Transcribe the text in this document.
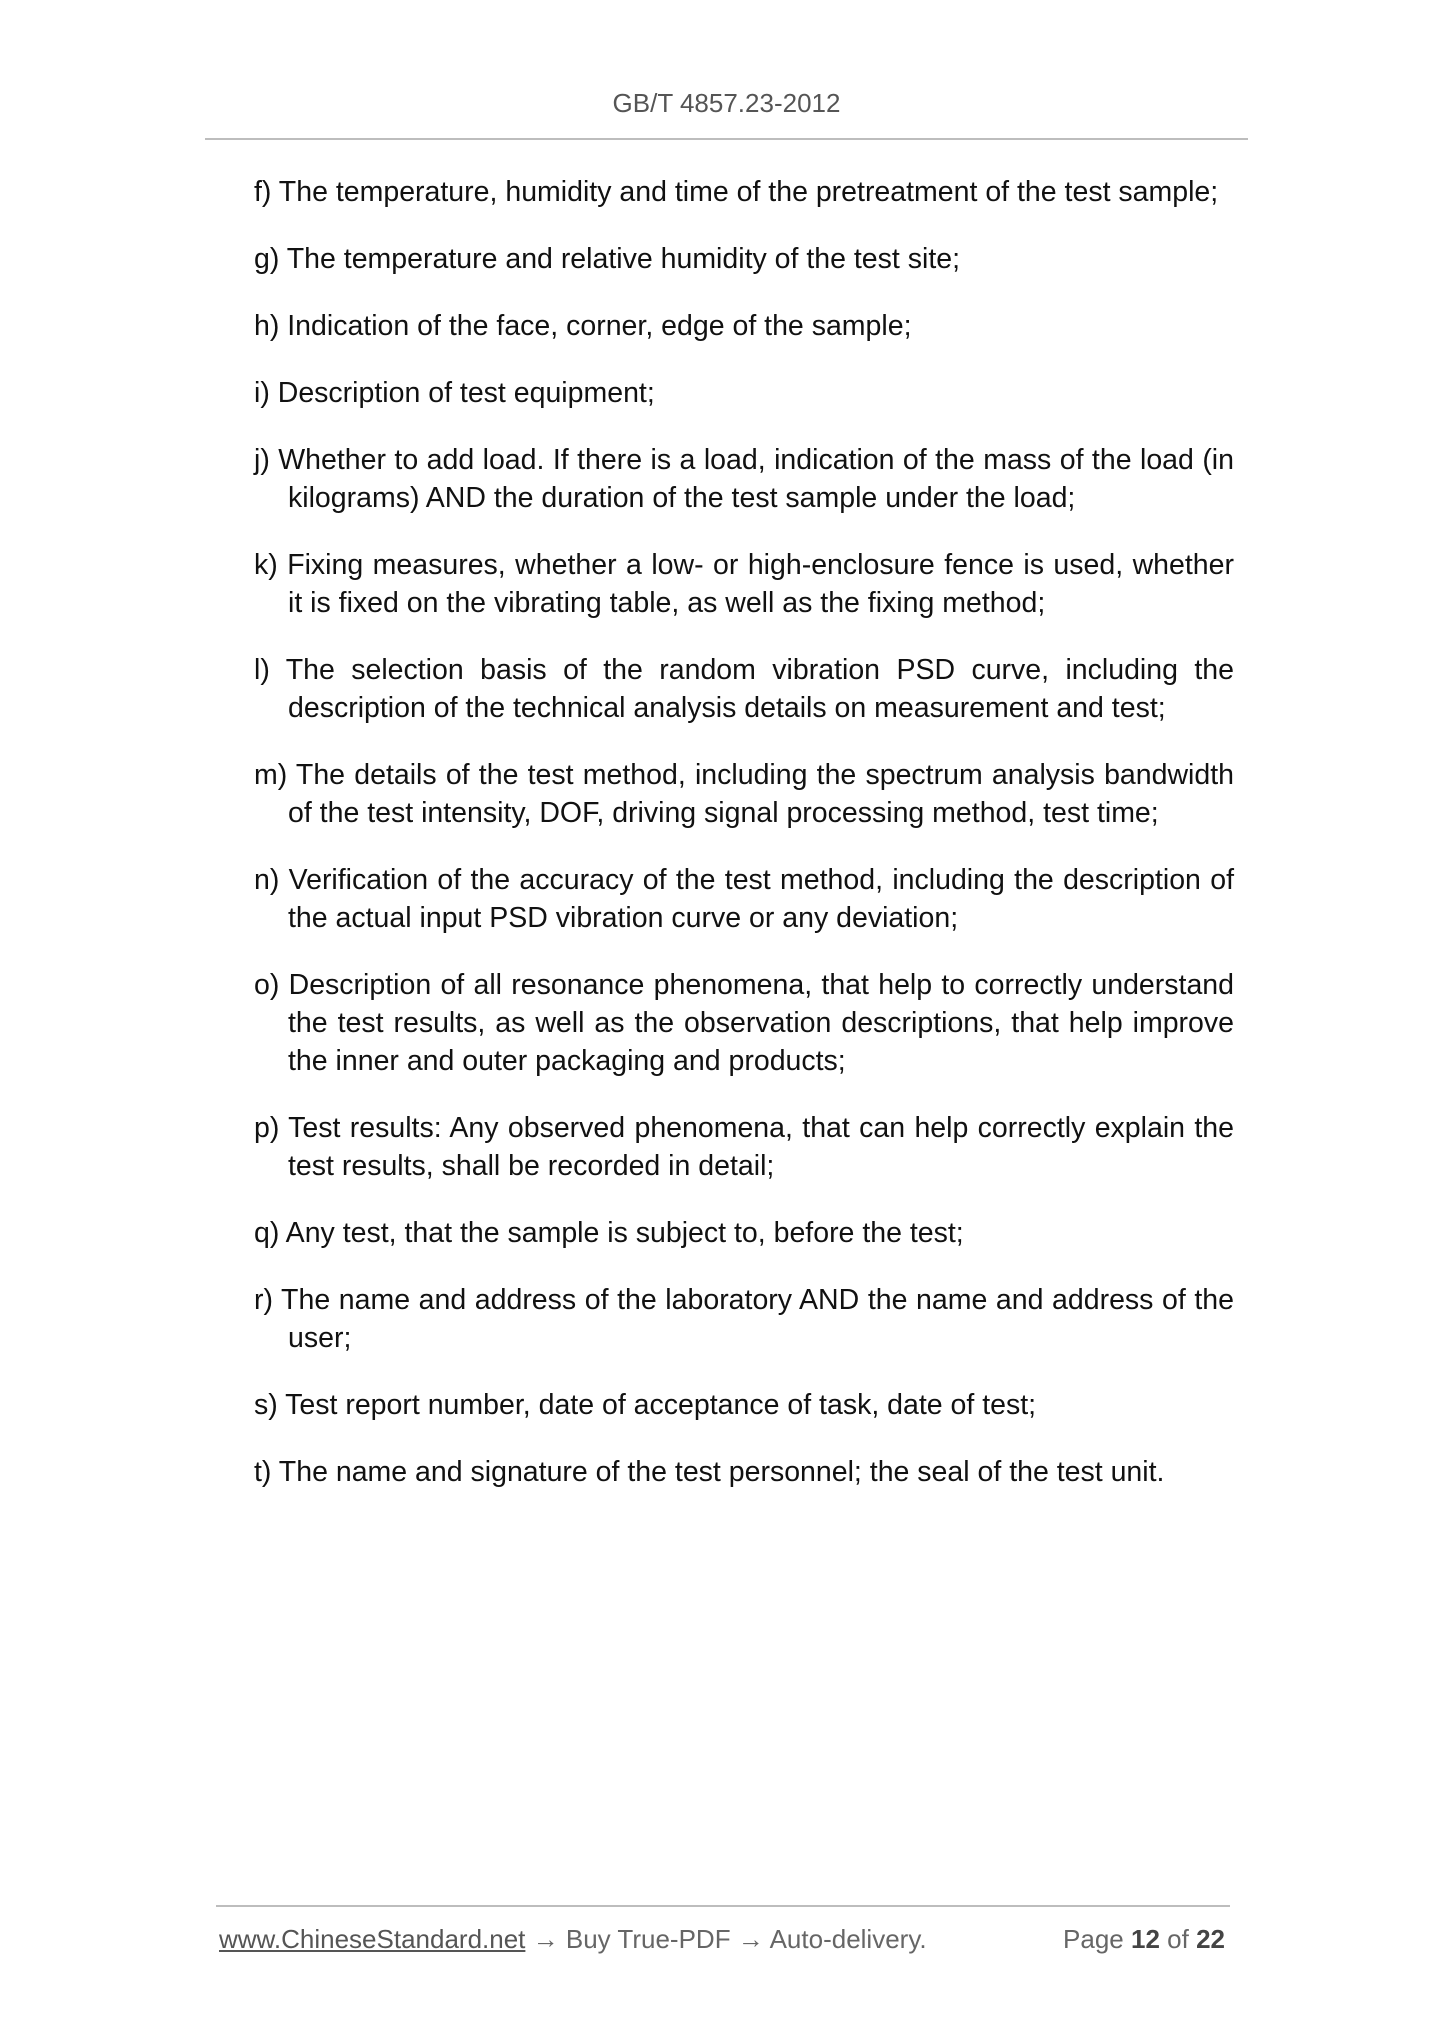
GB/T 4857.23-2012

f) The temperature, humidity and time of the pretreatment of the test sample;

g) The temperature and relative humidity of the test site;

h) Indication of the face, corner, edge of the sample;

i) Description of test equipment;

j) Whether to add load. If there is a load, indication of the mass of the load (in kilograms) AND the duration of the test sample under the load;

k) Fixing measures, whether a low- or high-enclosure fence is used, whether it is fixed on the vibrating table, as well as the fixing method;

l) The selection basis of the random vibration PSD curve, including the description of the technical analysis details on measurement and test;

m) The details of the test method, including the spectrum analysis bandwidth of the test intensity, DOF, driving signal processing method, test time;

n) Verification of the accuracy of the test method, including the description of the actual input PSD vibration curve or any deviation;

o) Description of all resonance phenomena, that help to correctly understand the test results, as well as the observation descriptions, that help improve the inner and outer packaging and products;

p) Test results: Any observed phenomena, that can help correctly explain the test results, shall be recorded in detail;

q) Any test, that the sample is subject to, before the test;

r) The name and address of the laboratory AND the name and address of the user;

s) Test report number, date of acceptance of task, date of test;

t) The name and signature of the test personnel; the seal of the test unit.

www.ChineseStandard.net → Buy True-PDF → Auto-delivery.	Page 12 of 22
